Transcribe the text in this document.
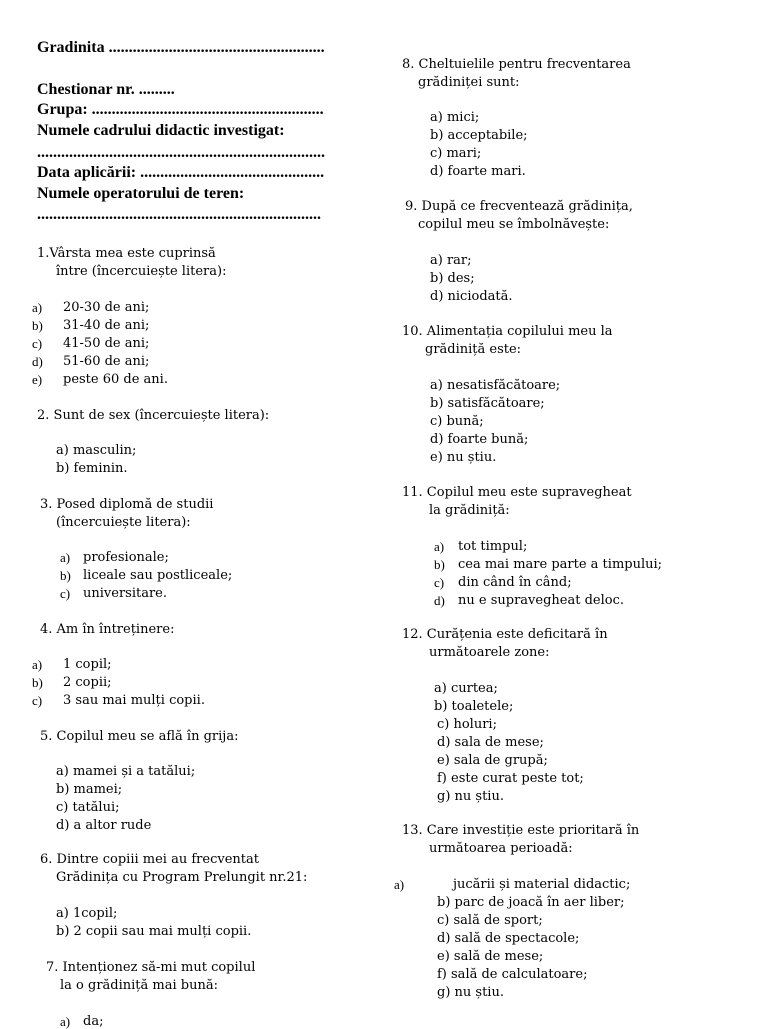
Gradinita ......................................................
Chestionar nr. .........
Grupa: ..........................................................
Numele cadrului didactic investigat:
........................................................................
Data aplicării: ..............................................
Numele operatorului de teren:
.......................................................................
1.Vârsta mea este cuprinsă
între (încercuiește litera):
a) 20-30 de ani;
b) 31-40 de ani;
c) 41-50 de ani;
d) 51-60 de ani;
e) peste 60 de ani.
2. Sunt de sex (încercuiește litera):
a) masculin;
b) feminin.
3. Posed diplomă de studii
(încercuiește litera):
a) profesionale;
b) liceale sau postliceale;
c) universitare.
4. Am în întreținere:
a) 1 copil;
b) 2 copii;
c) 3 sau mai mulți copii.
5. Copilul meu se află în grija:
a) mamei și a tatălui;
b) mamei;
c) tatălui;
d) a altor rude
6. Dintre copiii mei au frecventat
Grădinița cu Program Prelungit nr.21:
a) 1copil;
b) 2 copii sau mai mulți copii.
7. Intenționez să-mi mut copilul
la o grădiniță mai bună:
a) da;
8. Cheltuielile pentru frecventarea
grădiniței sunt:
a) mici;
b) acceptabile;
c) mari;
d) foarte mari.
9. După ce frecventează grădinița,
copilul meu se îmbolnăvește:
a) rar;
b) des;
d) niciodată.
10. Alimentația copilului meu la
grădiniță este:
a) nesatisfăcătoare;
b) satisfăcătoare;
c) bună;
d) foarte bună;
e) nu știu.
11. Copilul meu este supravegheat
la grădiniță:
a) tot timpul;
b) cea mai mare parte a timpului;
c) din când în când;
d) nu e supravegheat deloc.
12. Curățenia este deficitară în
următoarele zone:
a) curtea;
b) toaletele;
c) holuri;
d) sala de mese;
e) sala de grupă;
f) este curat peste tot;
g) nu știu.
13. Care investiție este prioritară în
următoarea perioadă:
a)	jucării și material didactic;
b) parc de joacă în aer liber;
c) sală de sport;
d) sală de spectacole;
e) sală de mese;
f) sală de calculatoare;
g) nu știu.
